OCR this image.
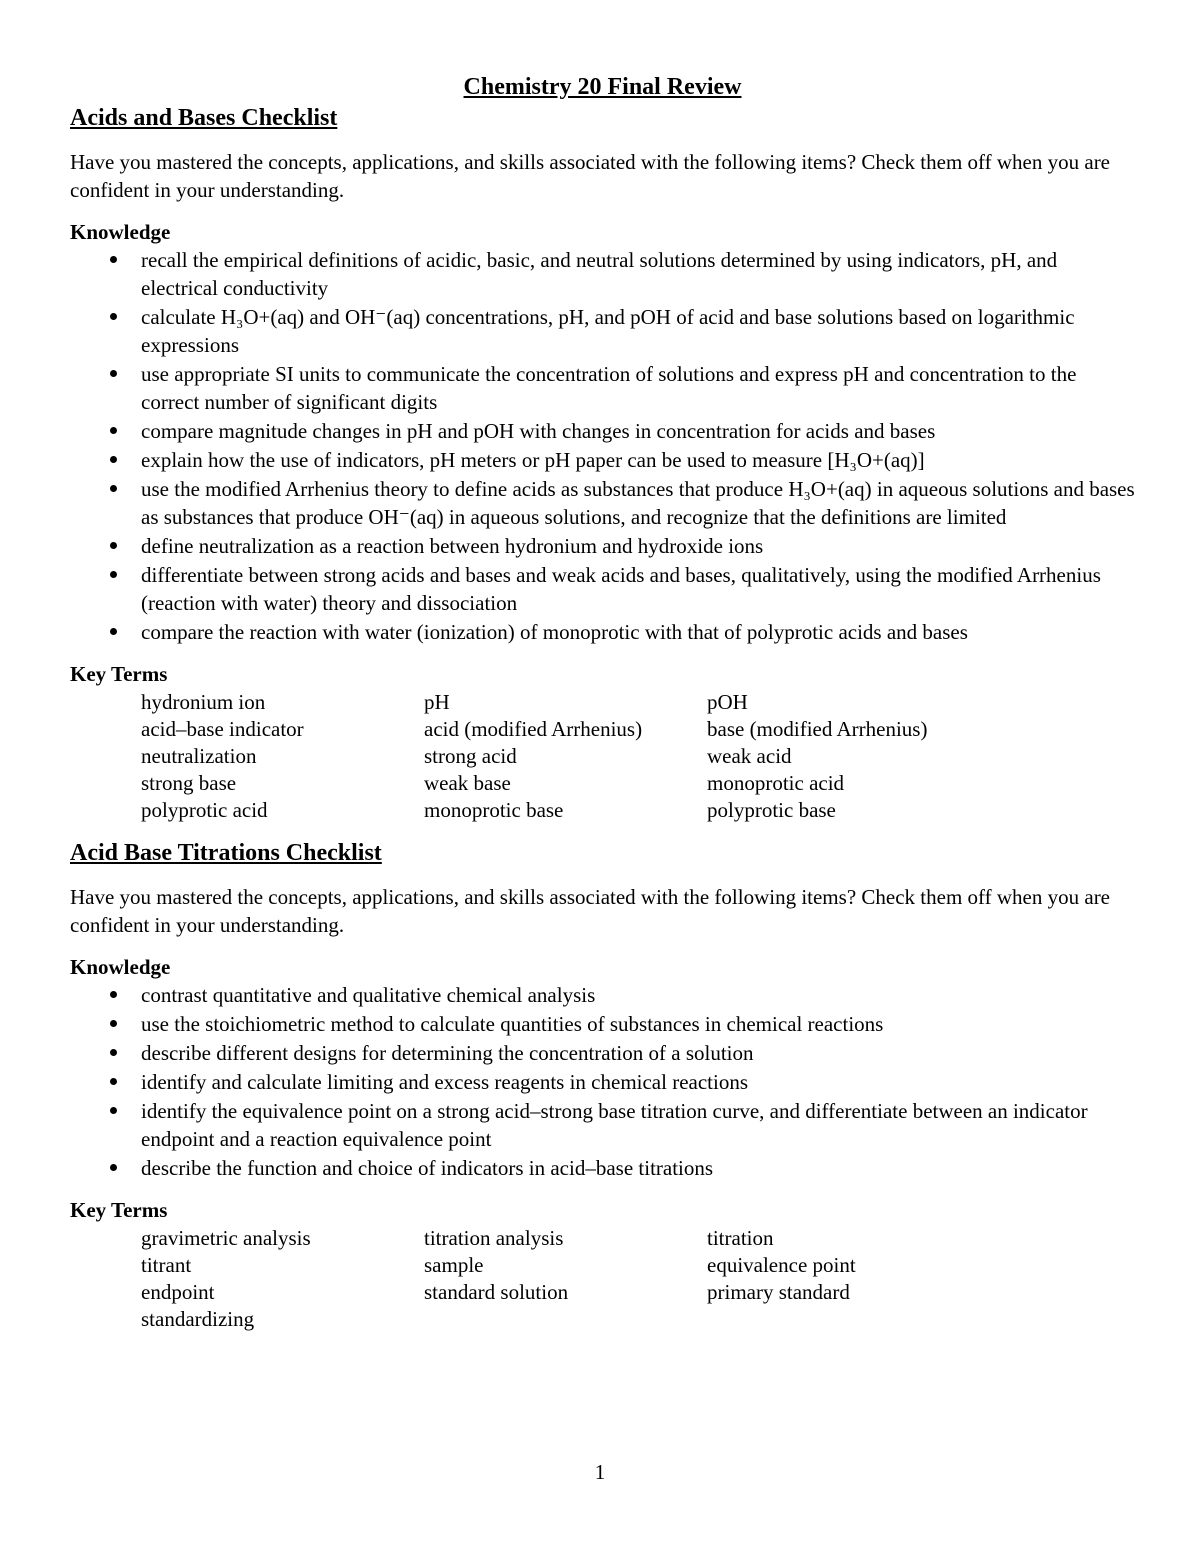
Chemistry 20 Final Review
Acids and Bases Checklist

Have you mastered the concepts, applications, and skills associated with the following items? Check them off when you are confident in your understanding.

Knowledge
recall the empirical definitions of acidic, basic, and neutral solutions determined by using indicators, pH, and electrical conductivity
calculate H₃O+(aq) and OH⁻(aq) concentrations, pH, and pOH of acid and base solutions based on logarithmic expressions
use appropriate SI units to communicate the concentration of solutions and express pH and concentration to the correct number of significant digits
compare magnitude changes in pH and pOH with changes in concentration for acids and bases
explain how the use of indicators, pH meters or pH paper can be used to measure [H₃O+(aq)]
use the modified Arrhenius theory to define acids as substances that produce H₃O+(aq) in aqueous solutions and bases as substances that produce OH⁻(aq) in aqueous solutions, and recognize that the definitions are limited
define neutralization as a reaction between hydronium and hydroxide ions
differentiate between strong acids and bases and weak acids and bases, qualitatively, using the modified Arrhenius (reaction with water) theory and dissociation
compare the reaction with water (ionization) of monoprotic with that of polyprotic acids and bases
Key Terms
hydronium ion	pH	pOH
acid–base indicator	acid (modified Arrhenius)	base (modified Arrhenius)
neutralization	strong acid	weak acid
strong base	weak base	monoprotic acid
polyprotic acid	monoprotic base	polyprotic base
Acid Base Titrations Checklist

Have you mastered the concepts, applications, and skills associated with the following items? Check them off when you are confident in your understanding.

Knowledge
contrast quantitative and qualitative chemical analysis
use the stoichiometric method to calculate quantities of substances in chemical reactions
describe different designs for determining the concentration of a solution
identify and calculate limiting and excess reagents in chemical reactions
identify the equivalence point on a strong acid–strong base titration curve, and differentiate between an indicator endpoint and a reaction equivalence point
describe the function and choice of indicators in acid–base titrations
Key Terms
gravimetric analysis	titration analysis	titration
titrant	sample	equivalence point
endpoint	standard solution	primary standard
standardizing
1
